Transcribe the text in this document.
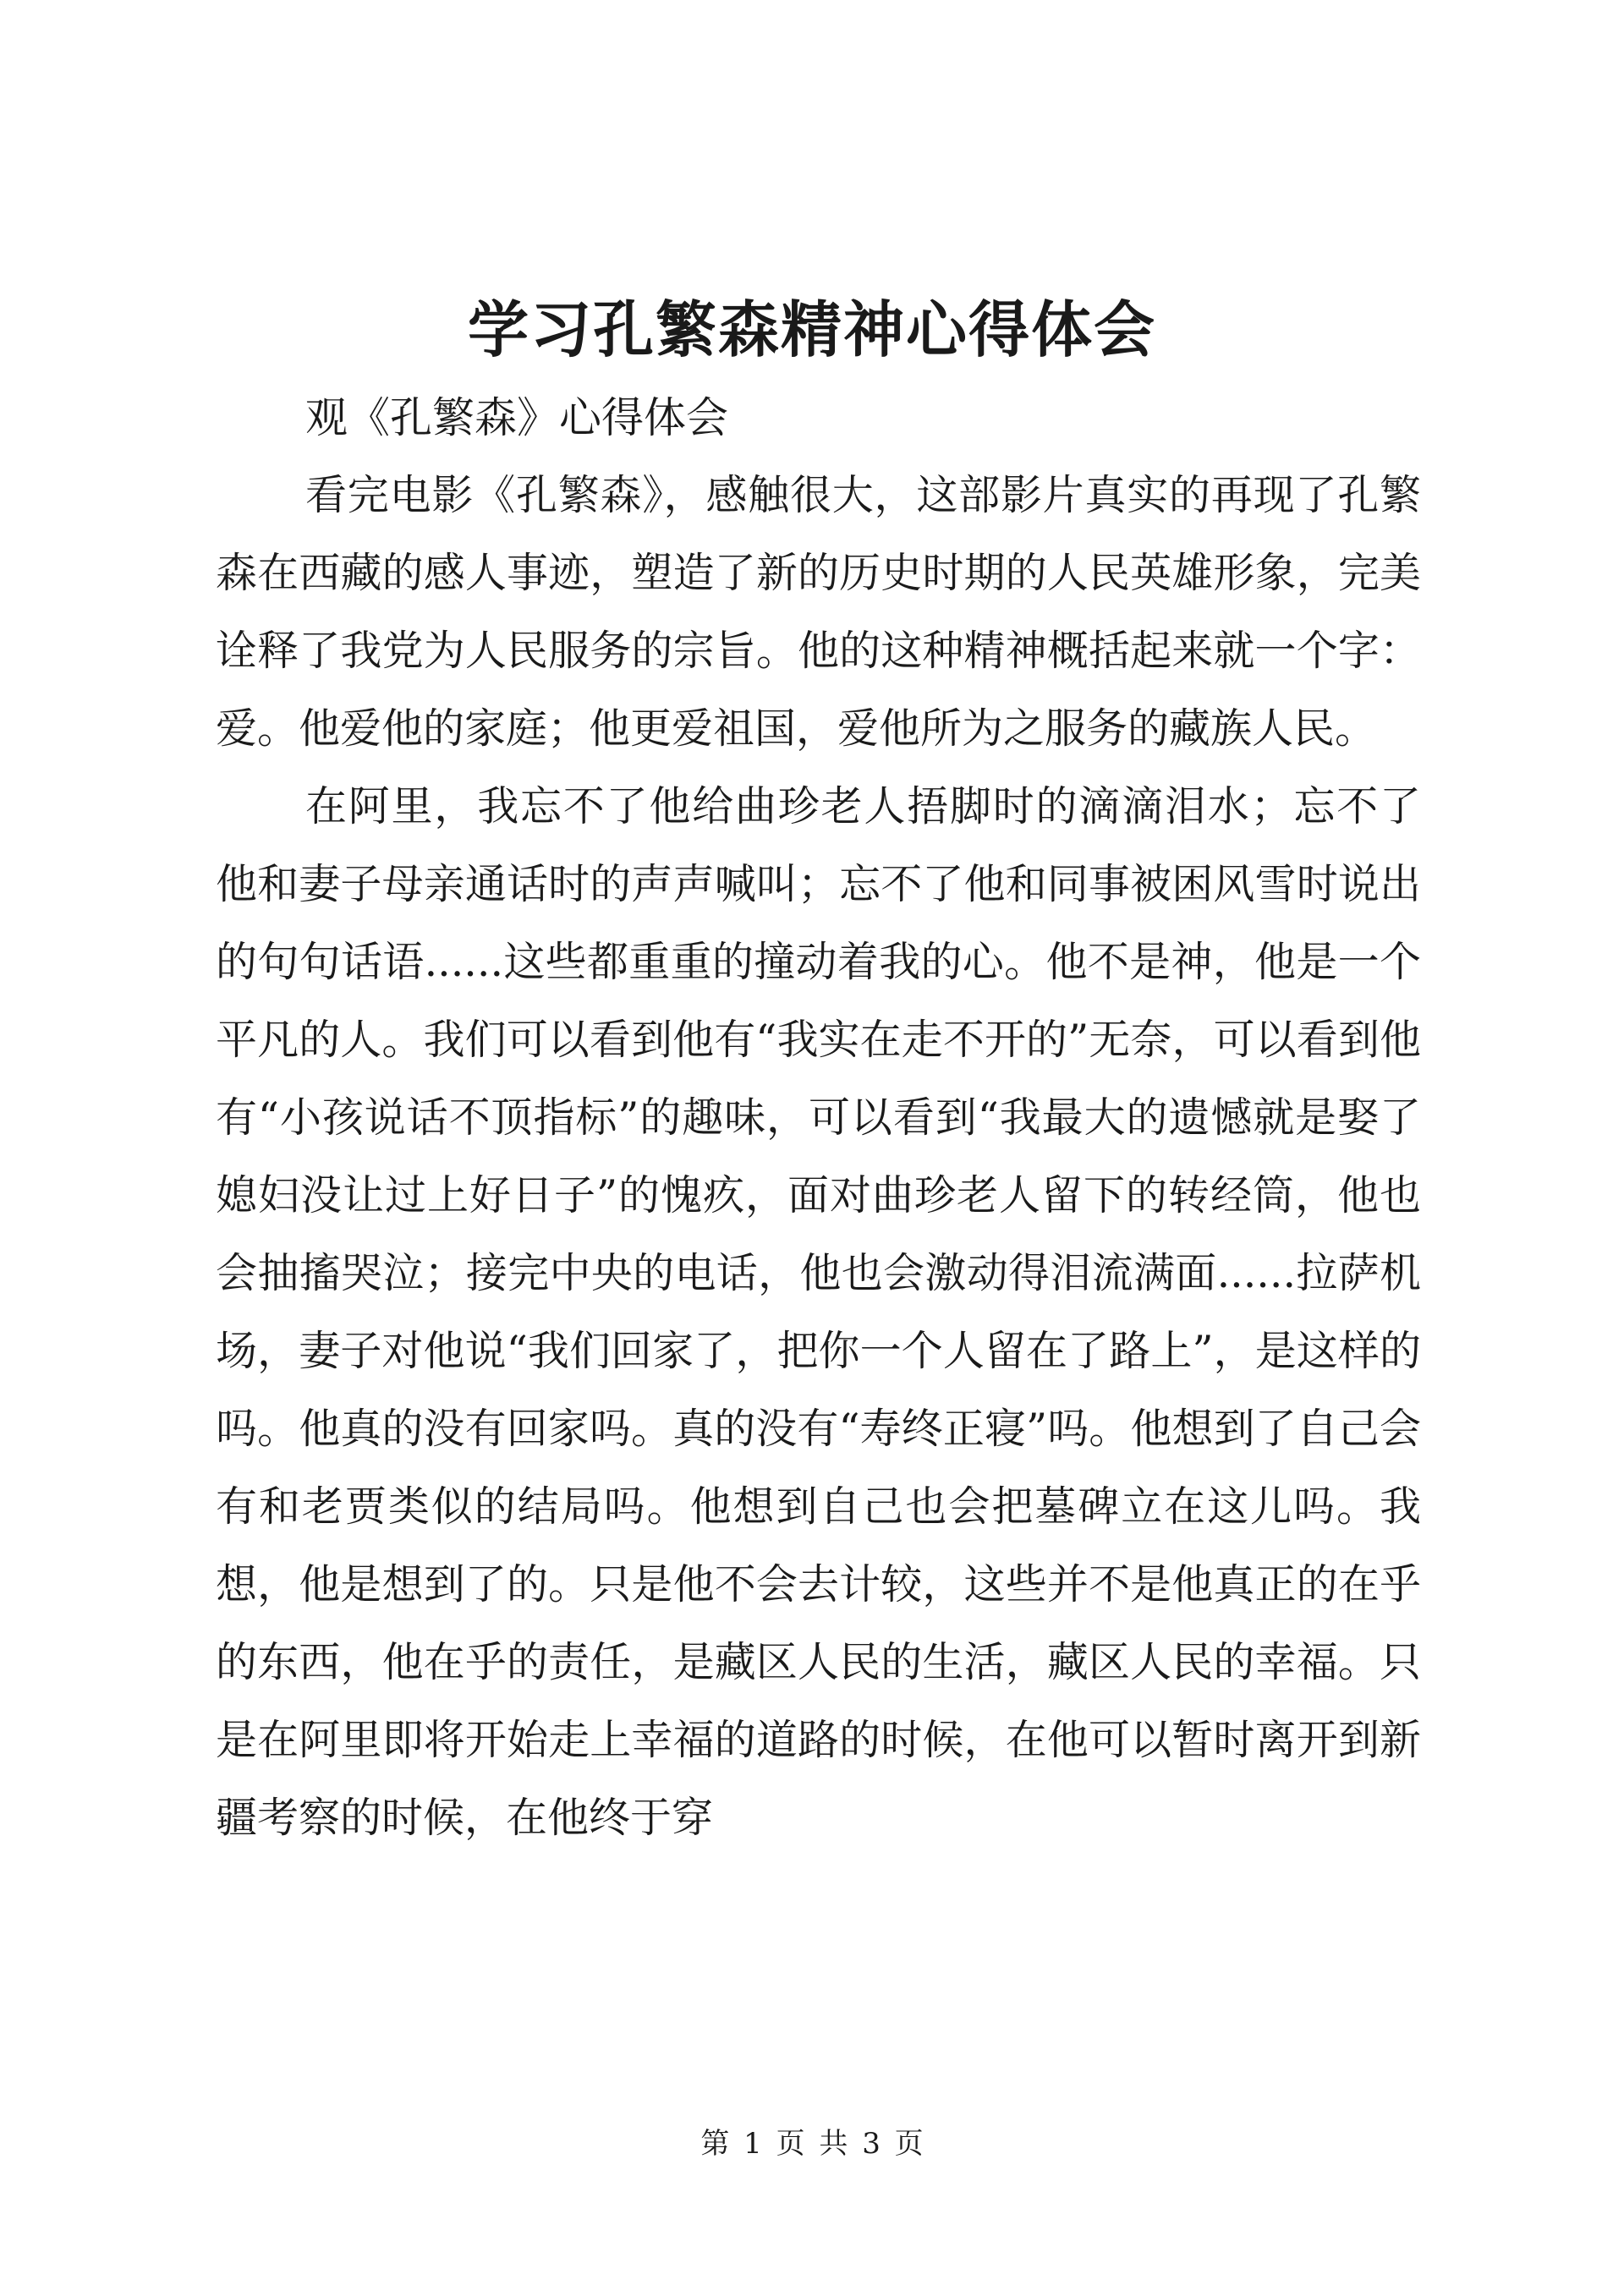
学习孔繁森精神心得体会

观《孔繁森》心得体会

看完电影《孔繁森》，感触很大，这部影片真实的再现了孔繁森在西藏的感人事迹，塑造了新的历史时期的人民英雄形象，完美诠释了我党为人民服务的宗旨。他的这种精神概括起来就一个字：爱。他爱他的家庭；他更爱祖国，爱他所为之服务的藏族人民。

在阿里，我忘不了他给曲珍老人捂脚时的滴滴泪水；忘不了他和妻子母亲通话时的声声喊叫；忘不了他和同事被困风雪时说出的句句话语......这些都重重的撞动着我的心。他不是神，他是一个平凡的人。我们可以看到他有“我实在走不开的”无奈，可以看到他有“小孩说话不顶指标”的趣味，可以看到“我最大的遗憾就是娶了媳妇没让过上好日子”的愧疚，面对曲珍老人留下的转经筒，他也会抽搐哭泣；接完中央的电话，他也会激动得泪流满面......拉萨机场，妻子对他说“我们回家了，把你一个人留在了路上”，是这样的吗。他真的没有回家吗。真的没有“寿终正寝”吗。他想到了自己会有和老贾类似的结局吗。他想到自己也会把墓碑立在这儿吗。我想，他是想到了的。只是他不会去计较，这些并不是他真正的在乎的东西，他在乎的责任，是藏区人民的生活，藏区人民的幸福。只是在阿里即将开始走上幸福的道路的时候，在他可以暂时离开到新疆考察的时候，在他终于穿

第 1 页 共 3 页
